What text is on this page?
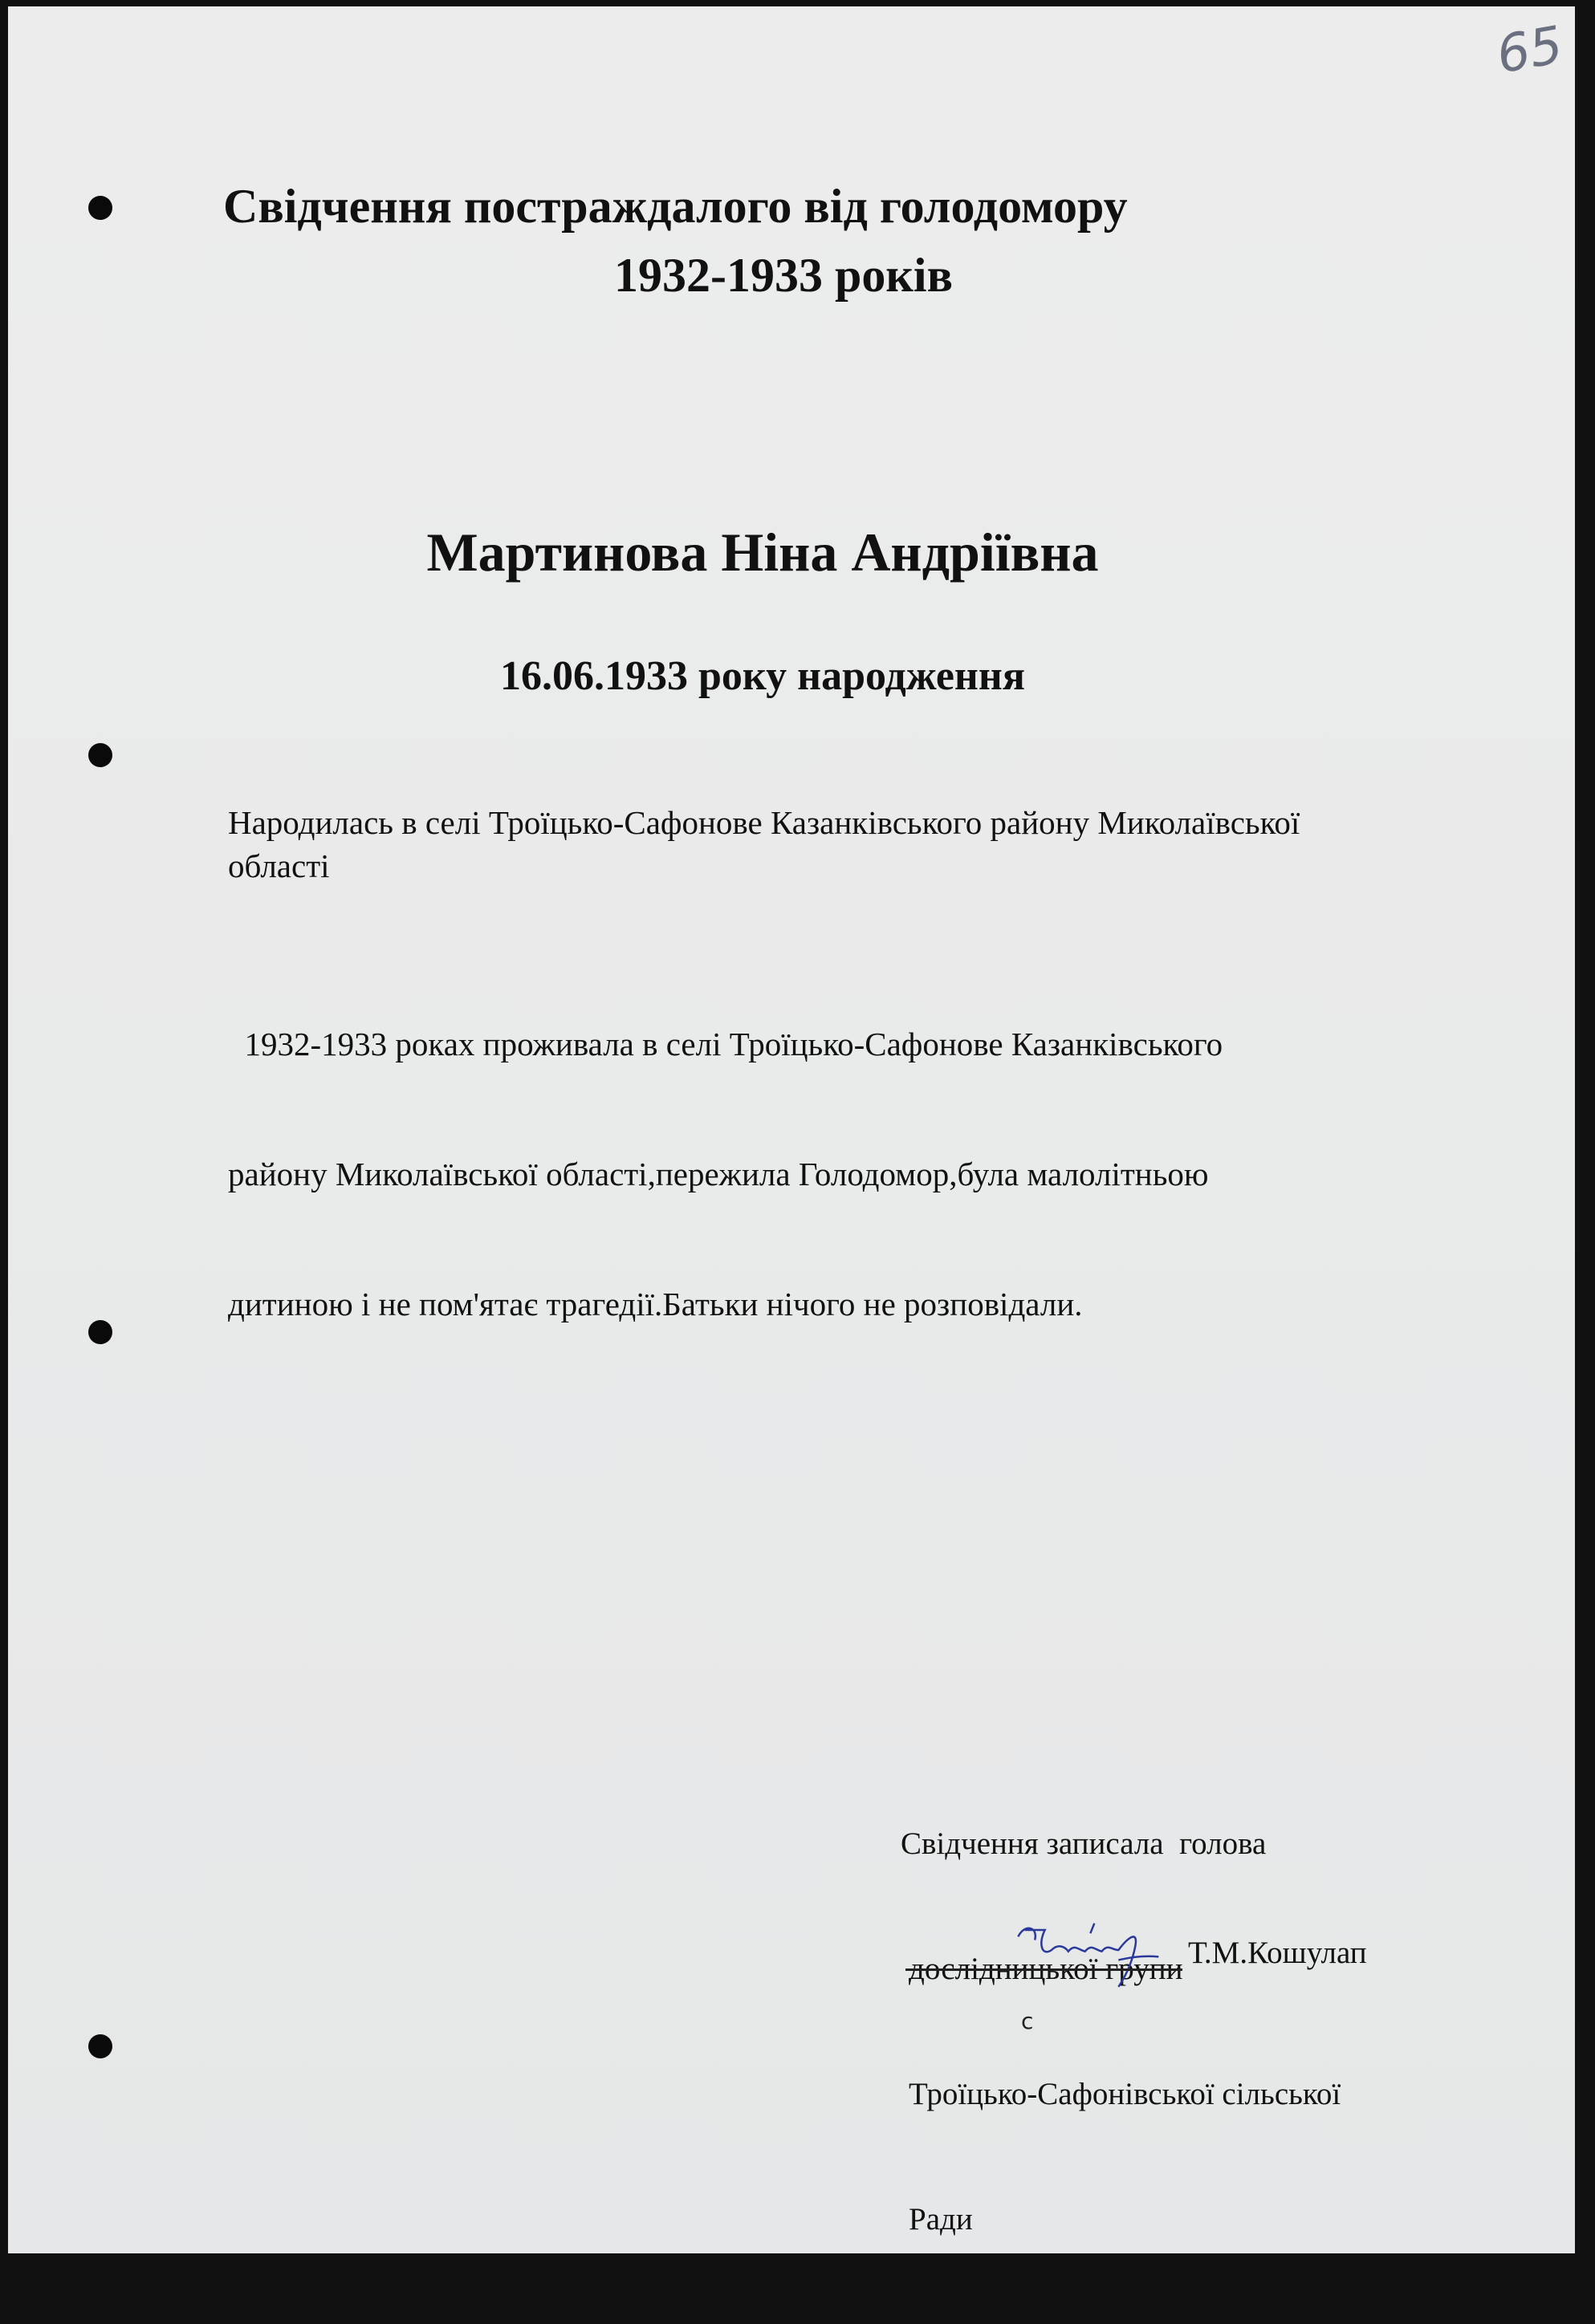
65
Свідчення постраждалого від голодомору
1932-1933 років
Мартинова Ніна Андріївна
16.06.1933 року народження
Народилась в селі Троїцько-Сафонове Казанківського району Миколаївської
області

1932-1933 роках проживала в селі Троїцько-Сафонове Казанківського

району Миколаївської області,пережила Голодомор,була малолітньою

дитиною і не пом'ятає трагедії.Батьки нічого не розповідали.

Свідчення записала  голова

дослідницької групи

Троїцько-Сафонівської сільської

Ради

Т.М.Кошулап
с
